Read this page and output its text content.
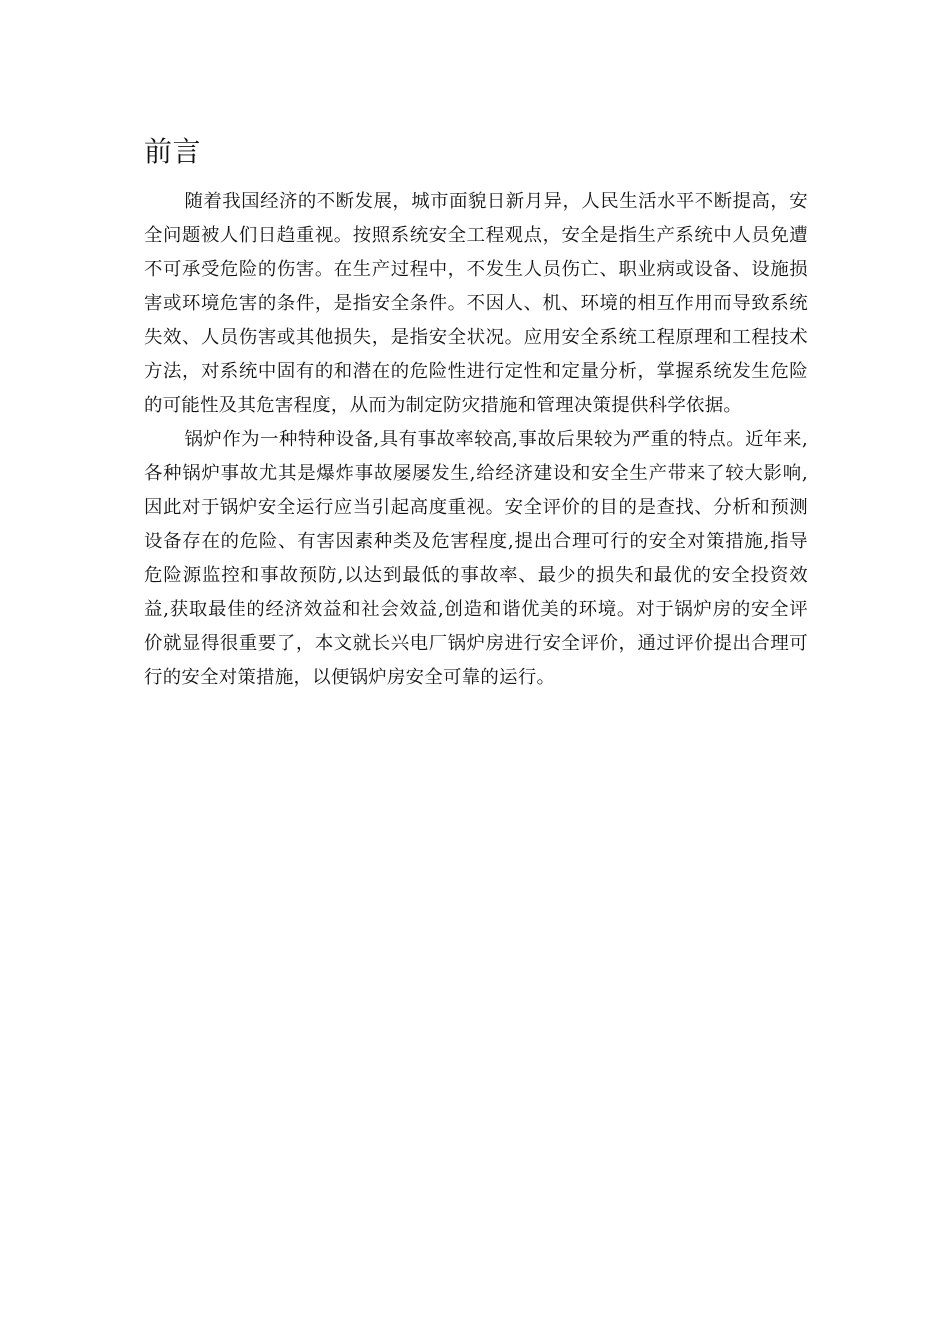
前言

随着我国经济的不断发展，城市面貌日新月异，人民生活水平不断提高，安全问题被人们日趋重视。按照系统安全工程观点，安全是指生产系统中人员免遭不可承受危险的伤害。在生产过程中，不发生人员伤亡、职业病或设备、设施损害或环境危害的条件，是指安全条件。不因人、机、环境的相互作用而导致系统失效、人员伤害或其他损失，是指安全状况。应用安全系统工程原理和工程技术方法，对系统中固有的和潜在的危险性进行定性和定量分析，掌握系统发生危险的可能性及其危害程度，从而为制定防灾措施和管理决策提供科学依据。

锅炉作为一种特种设备,具有事故率较高,事故后果较为严重的特点。近年来,各种锅炉事故尤其是爆炸事故屡屡发生,给经济建设和安全生产带来了较大影响,因此对于锅炉安全运行应当引起高度重视。安全评价的目的是查找、分析和预测设备存在的危险、有害因素种类及危害程度,提出合理可行的安全对策措施,指导危险源监控和事故预防,以达到最低的事故率、最少的损失和最优的安全投资效益,获取最佳的经济效益和社会效益,创造和谐优美的环境。对于锅炉房的安全评价就显得很重要了，本文就长兴电厂锅炉房进行安全评价，通过评价提出合理可行的安全对策措施，以便锅炉房安全可靠的运行。
